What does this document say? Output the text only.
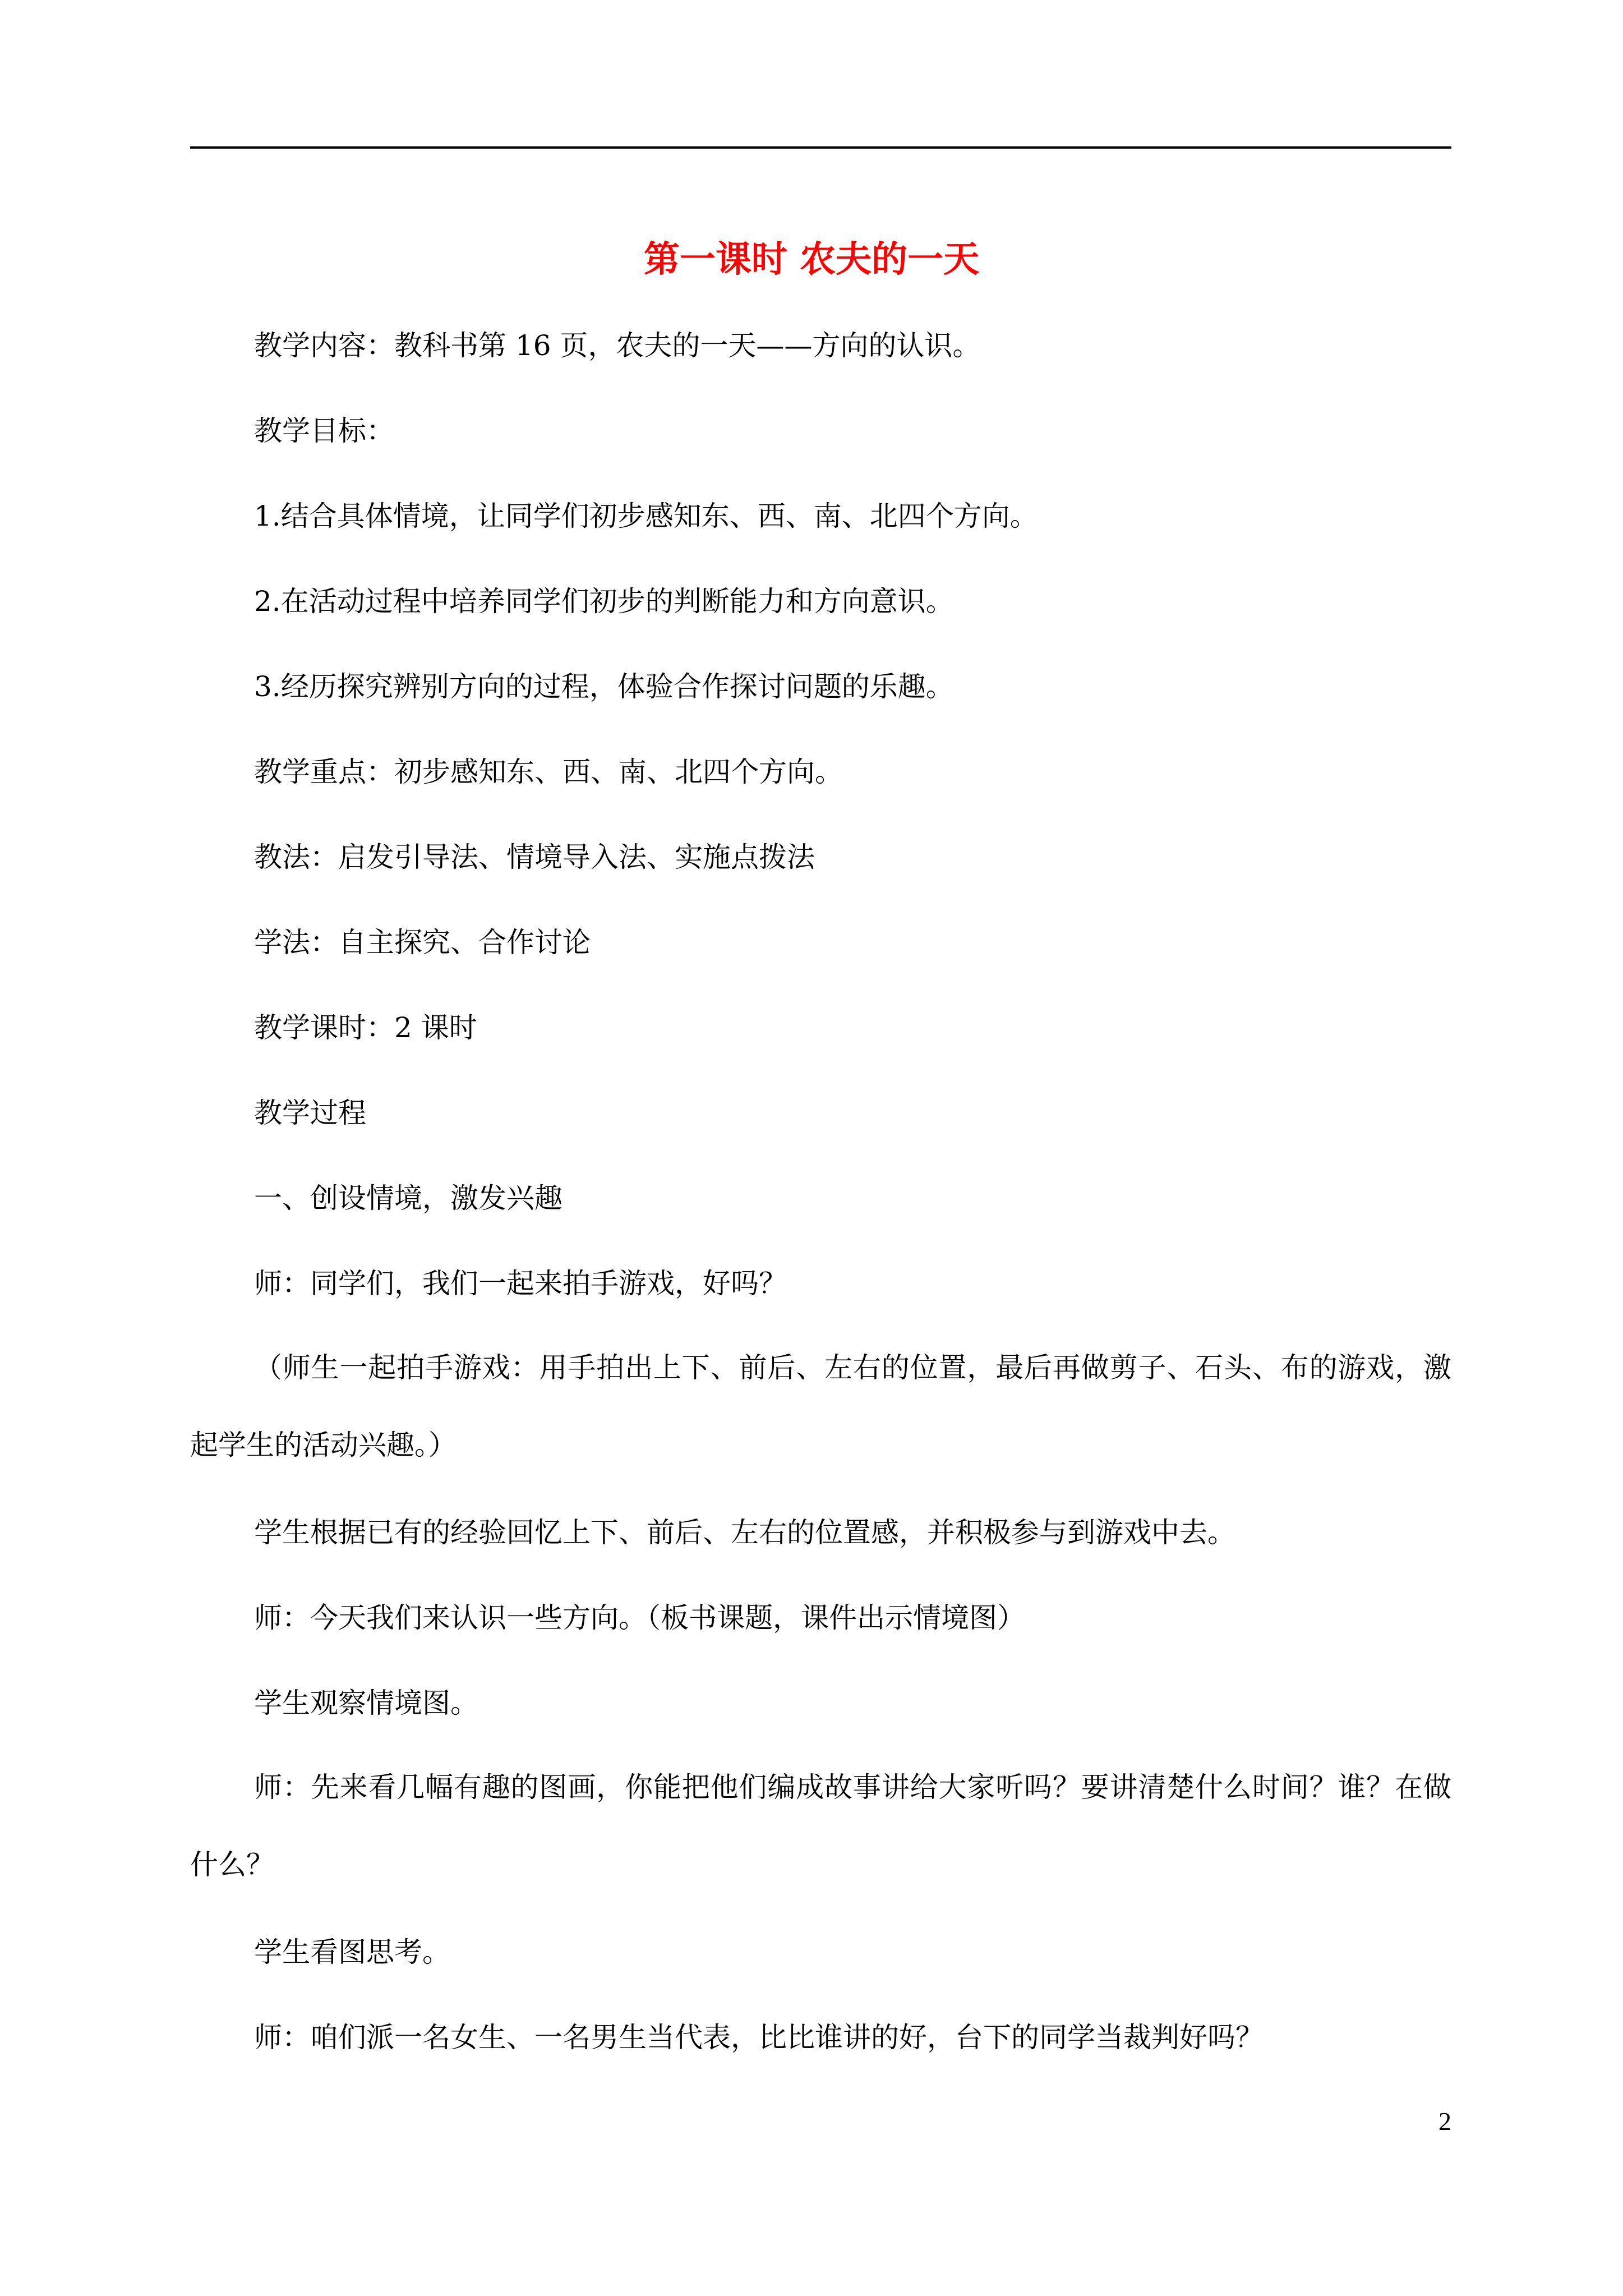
第一课时 农夫的一天
教学内容：教科书第 16 页，农夫的一天——方向的认识。
教学目标：
1.结合具体情境，让同学们初步感知东、西、南、北四个方向。
2.在活动过程中培养同学们初步的判断能力和方向意识。
3.经历探究辨别方向的过程，体验合作探讨问题的乐趣。
教学重点：初步感知东、西、南、北四个方向。
教法：启发引导法、情境导入法、实施点拨法
学法：自主探究、合作讨论
教学课时：2 课时
教学过程
一、创设情境，激发兴趣
师：同学们，我们一起来拍手游戏，好吗？
（师生一起拍手游戏：用手拍出上下、前后、左右的位置，最后再做剪子、石头、布的游戏，激起学生的活动兴趣。）
学生根据已有的经验回忆上下、前后、左右的位置感，并积极参与到游戏中去。
师：今天我们来认识一些方向。（板书课题，课件出示情境图）
学生观察情境图。
师：先来看几幅有趣的图画，你能把他们编成故事讲给大家听吗？要讲清楚什么时间？谁？在做什么？
学生看图思考。
师：咱们派一名女生、一名男生当代表，比比谁讲的好，台下的同学当裁判好吗？
2
